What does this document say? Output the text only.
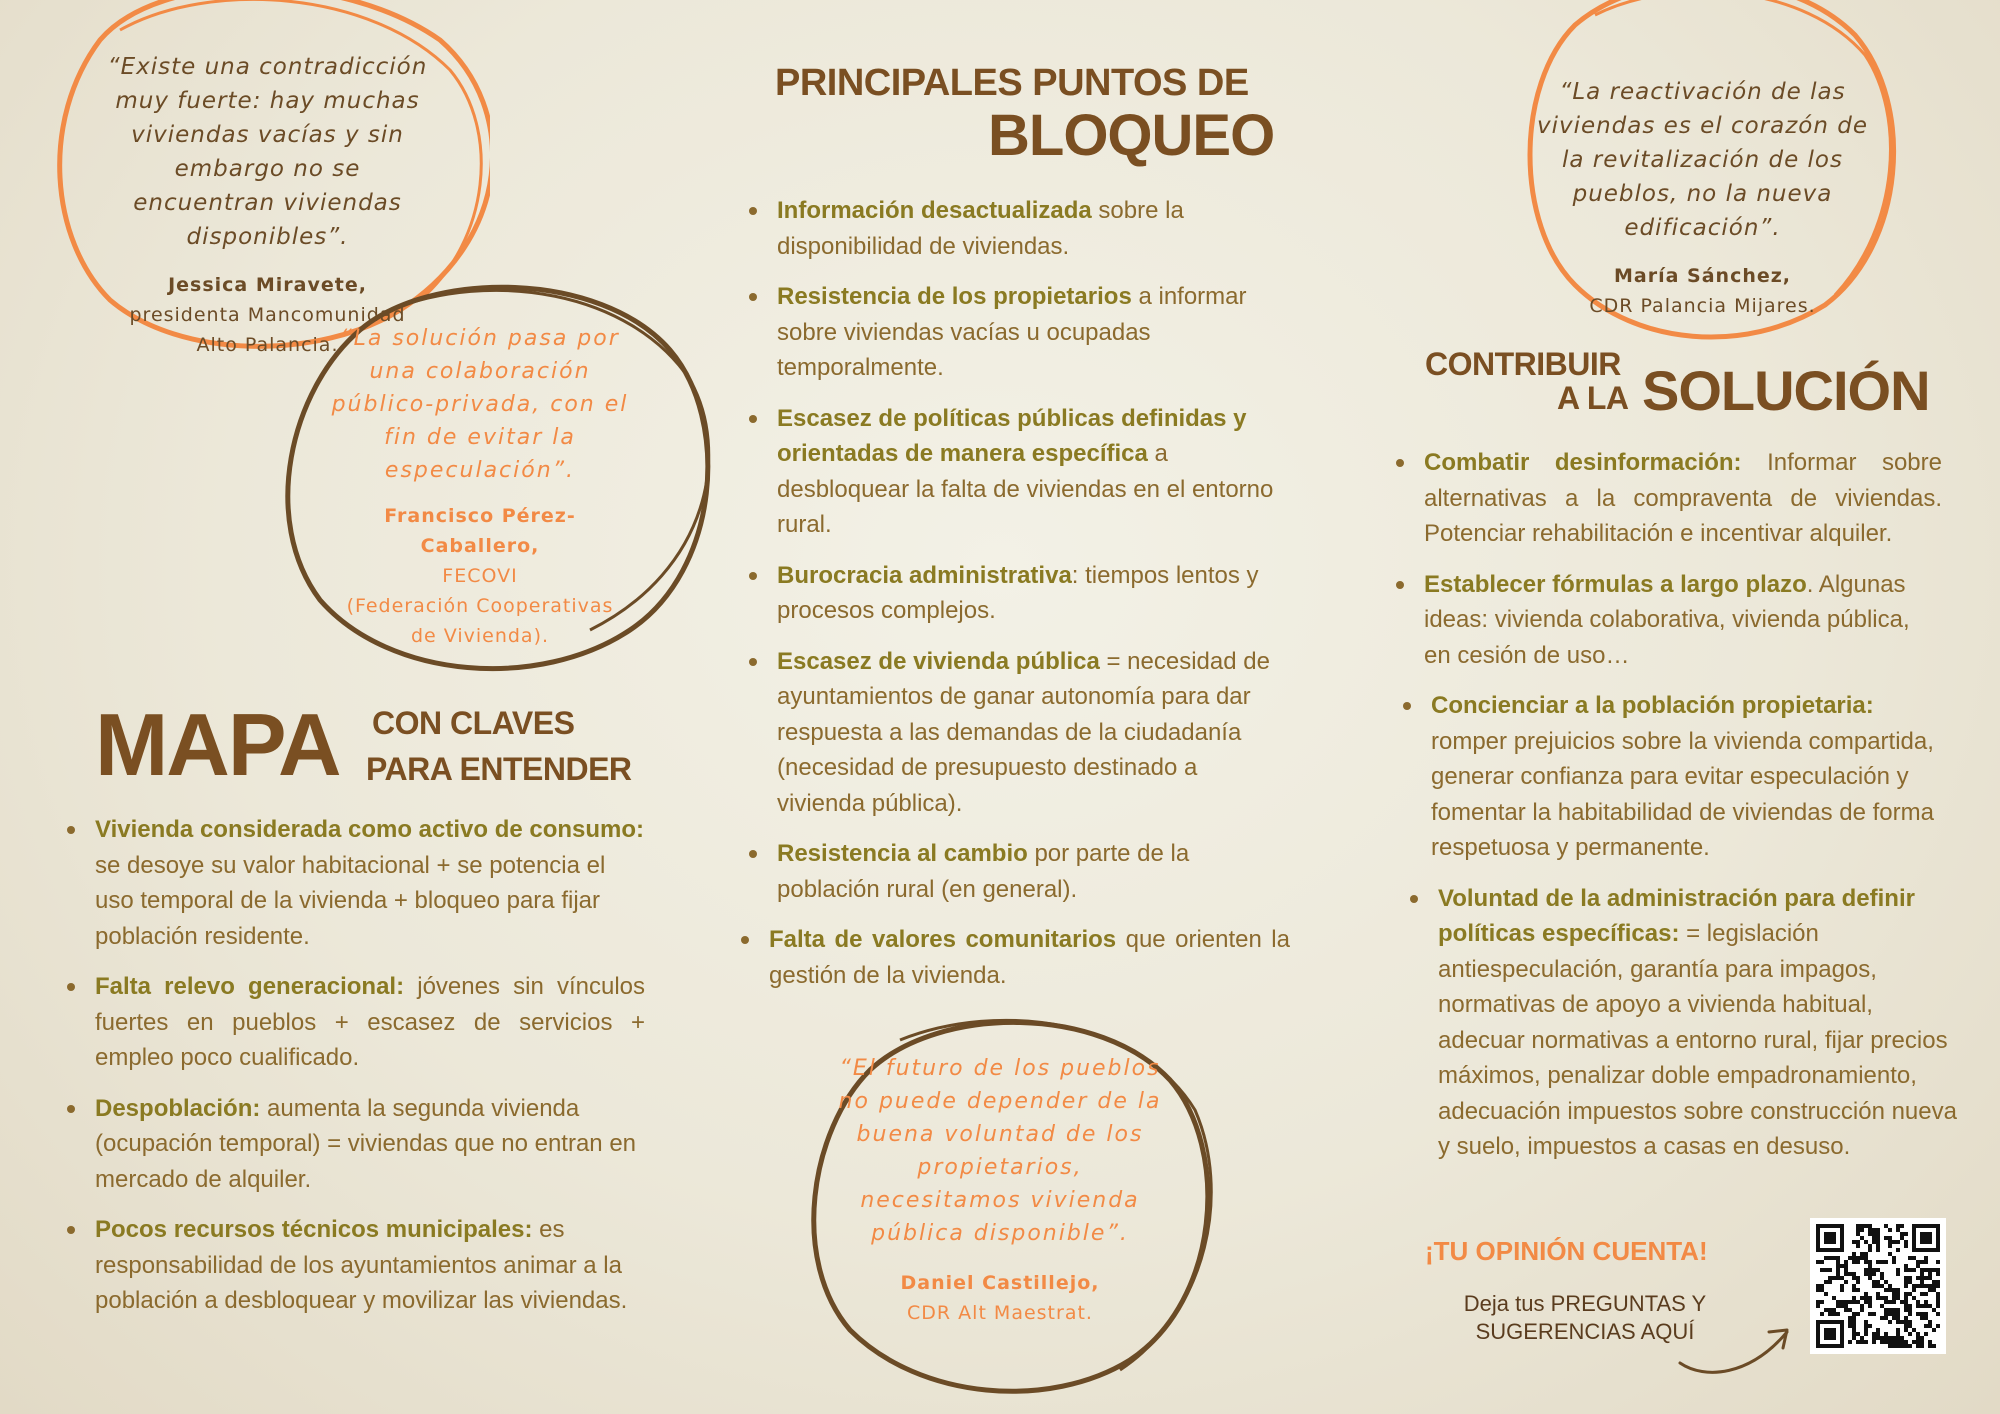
“Existe una contradicción muy fuerte: hay muchas viviendas vacías y sin embargo no se encuentran viviendas disponibles”.

Jessica Miravete,
presidenta Mancomunidad
Alto Palancia. “La solución pasa por una colaboración público-privada, con el fin de evitar la especulación”.

Francisco Pérez-Caballero,
FECOVI
(Federación Cooperativas de Vivienda).

“La reactivación de las viviendas es el corazón de la revitalización de los pueblos, no la nueva edificación”.

María Sánchez,
CDR Palancia Mijares.

“El futuro de los pueblos no puede depender de la buena voluntad de los propietarios, necesitamos vivienda pública disponible”.

Daniel Castillejo,
CDR Alt Maestrat.
PRINCIPALES PUNTOS DE
BLOQUEO
Información desactualizada sobre la disponibilidad de viviendas.
Resistencia de los propietarios a informar sobre viviendas vacías u ocupadas temporalmente.
Escasez de políticas públicas definidas y orientadas de manera específica a desbloquear la falta de viviendas en el entorno rural.
Burocracia administrativa: tiempos lentos y procesos complejos.
Escasez de vivienda pública = necesidad de ayuntamientos de ganar autonomía para dar respuesta a las demandas de la ciudadanía (necesidad de presupuesto destinado a vivienda pública).
Resistencia al cambio por parte de la población rural (en general).
Falta de valores comunitarios que orienten la gestión de la vivienda.
MAPA CON CLAVES
PARA ENTENDER
Vivienda considerada como activo de consumo: se desoye su valor habitacional + se potencia el uso temporal de la vivienda + bloqueo para fijar población residente.
Falta relevo generacional: jóvenes sin vínculos fuertes en pueblos + escasez de servicios + empleo poco cualificado.
Despoblación: aumenta la segunda vivienda (ocupación temporal) = viviendas que no entran en mercado de alquiler.
Pocos recursos técnicos municipales: es responsabilidad de los ayuntamientos animar a la población a desbloquear y movilizar las viviendas.
CONTRIBUIR
A LA SOLUCIÓN
Combatir desinformación: Informar sobre alternativas a la compraventa de viviendas. Potenciar rehabilitación e incentivar alquiler.
Establecer fórmulas a largo plazo. Algunas ideas: vivienda colaborativa, vivienda pública, en cesión de uso…
Concienciar a la población propietaria: romper prejuicios sobre la vivienda compartida, generar confianza para evitar especulación y fomentar la habitabilidad de viviendas de forma respetuosa y permanente.
Voluntad de la administración para definir políticas específicas: = legislación antiespeculación, garantía para impagos, normativas de apoyo a vivienda habitual, adecuar normativas a entorno rural, fijar precios máximos, penalizar doble empadronamiento, adecuación impuestos sobre construcción nueva y suelo, impuestos a casas en desuso.
¡TU OPINIÓN CUENTA!
Deja tus PREGUNTAS Y
SUGERENCIAS AQUÍ
